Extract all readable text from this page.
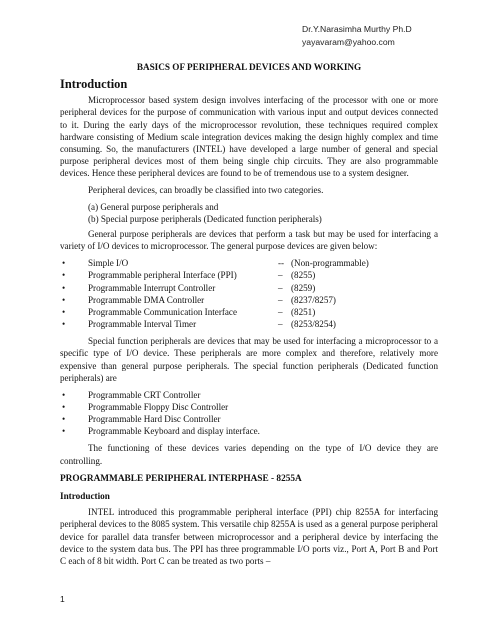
Dr.Y.Narasimha Murthy Ph.D
yayavaram@yahoo.com
BASICS OF PERIPHERAL DEVICES AND WORKING
Introduction

Microprocessor based system design involves interfacing of the processor with one or more peripheral devices for the purpose of communication with various input and output devices connected to it. During the early days of the microprocessor revolution, these techniques required complex hardware consisting of Medium scale integration devices making the design highly complex and time consuming. So, the manufacturers (INTEL) have developed a large number of general and special purpose peripheral devices most of them being single chip circuits. They are also programmable devices. Hence these peripheral devices are found to be of tremendous use to a system designer.

Peripheral devices, can broadly be classified into two categories.

(a) General purpose peripherals and
(b) Special purpose peripherals (Dedicated function peripherals)

General purpose peripherals are devices that perform a task but may be used for interfacing a variety of I/O devices to microprocessor. The general purpose devices are given below:

•	Simple I/O	-- (Non-programmable)
•	Programmable peripheral Interface (PPI)	– (8255)
•	Programmable Interrupt Controller	– (8259)
•	Programmable DMA Controller	– (8237/8257)
•	Programmable Communication Interface	– (8251)
•	Programmable Interval Timer	– (8253/8254)

Special function peripherals are devices that may be used for interfacing a microprocessor to a specific type of I/O device. These peripherals are more complex and therefore, relatively more expensive than general purpose peripherals. The special function peripherals (Dedicated function peripherals) are

•	Programmable CRT Controller
•	Programmable Floppy Disc Controller
•	Programmable Hard Disc Controller
•	Programmable Keyboard and display interface.

The functioning of these devices varies depending on the type of I/O device they are controlling.

PROGRAMMABLE PERIPHERAL INTERPHASE - 8255A
Introduction

INTEL introduced this programmable peripheral interface (PPI) chip 8255A for interfacing peripheral devices to the 8085 system. This versatile chip 8255A is used as a general purpose peripheral device for parallel data transfer between microprocessor and a peripheral device by interfacing the device to the system data bus. The PPI has three programmable I/O ports viz., Port A, Port B and Port C each of 8 bit width. Port C can be treated as two ports –

1
